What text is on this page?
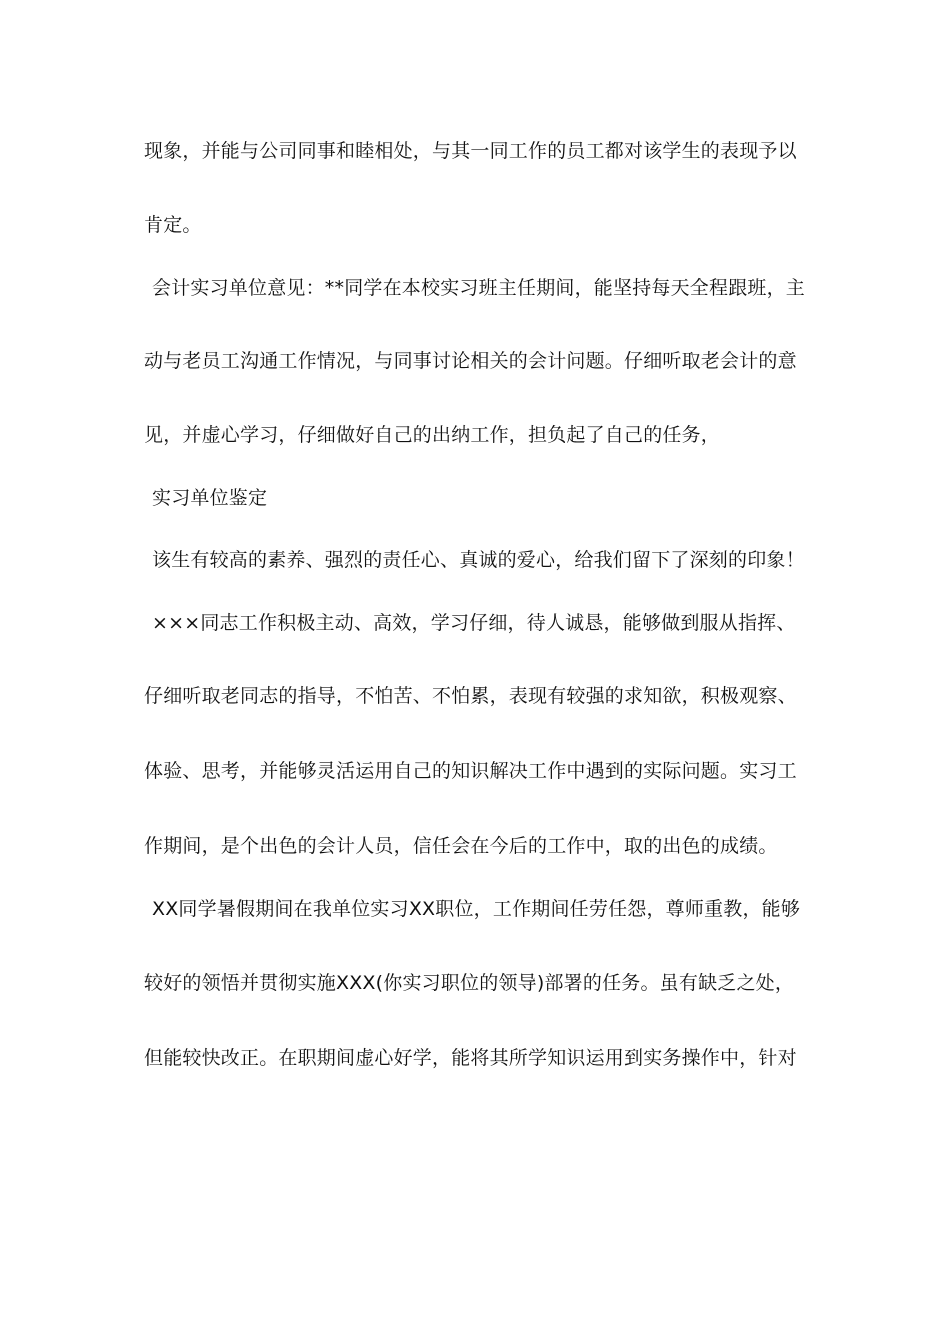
现象，并能与公司同事和睦相处，与其一同工作的员工都对该学生的表现予以
肯定。
会计实习单位意见：**同学在本校实习班主任期间，能坚持每天全程跟班，主
动与老员工沟通工作情况，与同事讨论相关的会计问题。仔细听取老会计的意
见，并虚心学习，仔细做好自己的出纳工作，担负起了自己的任务，
实习单位鉴定
该生有较高的素养、强烈的责任心、真诚的爱心，给我们留下了深刻的印象！
×××同志工作积极主动、高效，学习仔细，待人诚恳，能够做到服从指挥、
仔细听取老同志的指导，不怕苦、不怕累，表现有较强的求知欲，积极观察、
体验、思考，并能够灵活运用自己的知识解决工作中遇到的实际问题。实习工
作期间，是个出色的会计人员，信任会在今后的工作中，取的出色的成绩。
XX同学暑假期间在我单位实习XX职位，工作期间任劳任怨，尊师重教，能够
较好的领悟并贯彻实施XXX(你实习职位的领导)部署的任务。虽有缺乏之处，
但能较快改正。在职期间虚心好学，能将其所学知识运用到实务操作中，针对
